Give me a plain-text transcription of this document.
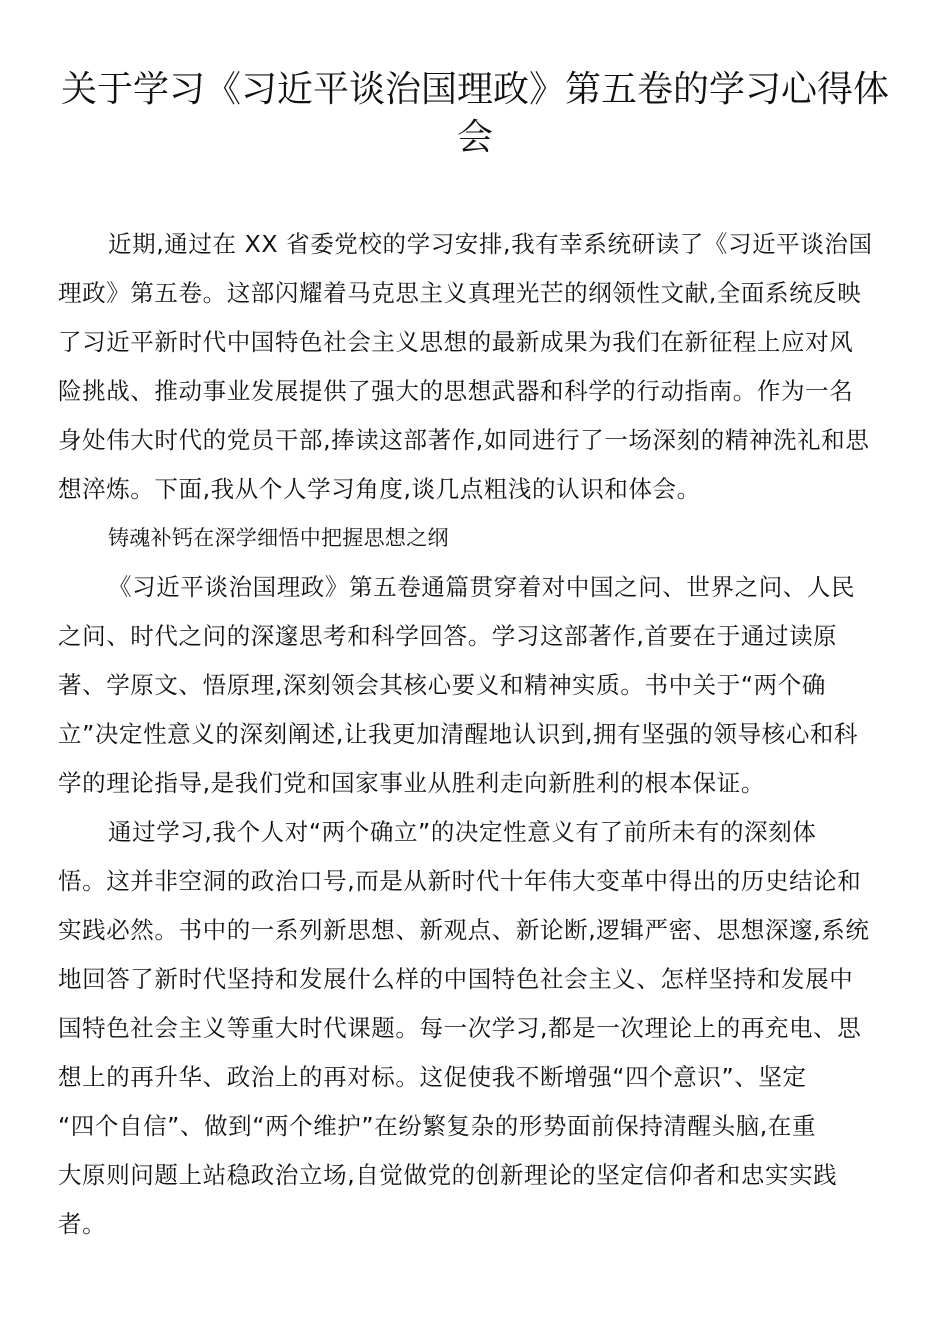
关于学习《习近平谈治国理政》第五卷的学习心得体
会
近期,通过在 XX 省委党校的学习安排,我有幸系统研读了《习近平谈治国
理政》第五卷。这部闪耀着马克思主义真理光芒的纲领性文献,全面系统反映
了习近平新时代中国特色社会主义思想的最新成果为我们在新征程上应对风
险挑战、推动事业发展提供了强大的思想武器和科学的行动指南。作为一名
身处伟大时代的党员干部,捧读这部著作,如同进行了一场深刻的精神洗礼和思
想淬炼。下面,我从个人学习角度,谈几点粗浅的认识和体会。
铸魂补钙在深学细悟中把握思想之纲
《习近平谈治国理政》第五卷通篇贯穿着对中国之问、世界之问、人民
之问、时代之问的深邃思考和科学回答。学习这部著作,首要在于通过读原
著、学原文、悟原理,深刻领会其核心要义和精神实质。书中关于“两个确
立”决定性意义的深刻阐述,让我更加清醒地认识到,拥有坚强的领导核心和科
学的理论指导,是我们党和国家事业从胜利走向新胜利的根本保证。
通过学习,我个人对“两个确立”的决定性意义有了前所未有的深刻体
悟。这并非空洞的政治口号,而是从新时代十年伟大变革中得出的历史结论和
实践必然。书中的一系列新思想、新观点、新论断,逻辑严密、思想深邃,系统
地回答了新时代坚持和发展什么样的中国特色社会主义、怎样坚持和发展中
国特色社会主义等重大时代课题。每一次学习,都是一次理论上的再充电、思
想上的再升华、政治上的再对标。这促使我不断增强“四个意识”、坚定
“四个自信”、做到“两个维护”在纷繁复杂的形势面前保持清醒头脑,在重
大原则问题上站稳政治立场,自觉做党的创新理论的坚定信仰者和忠实实践
者。
